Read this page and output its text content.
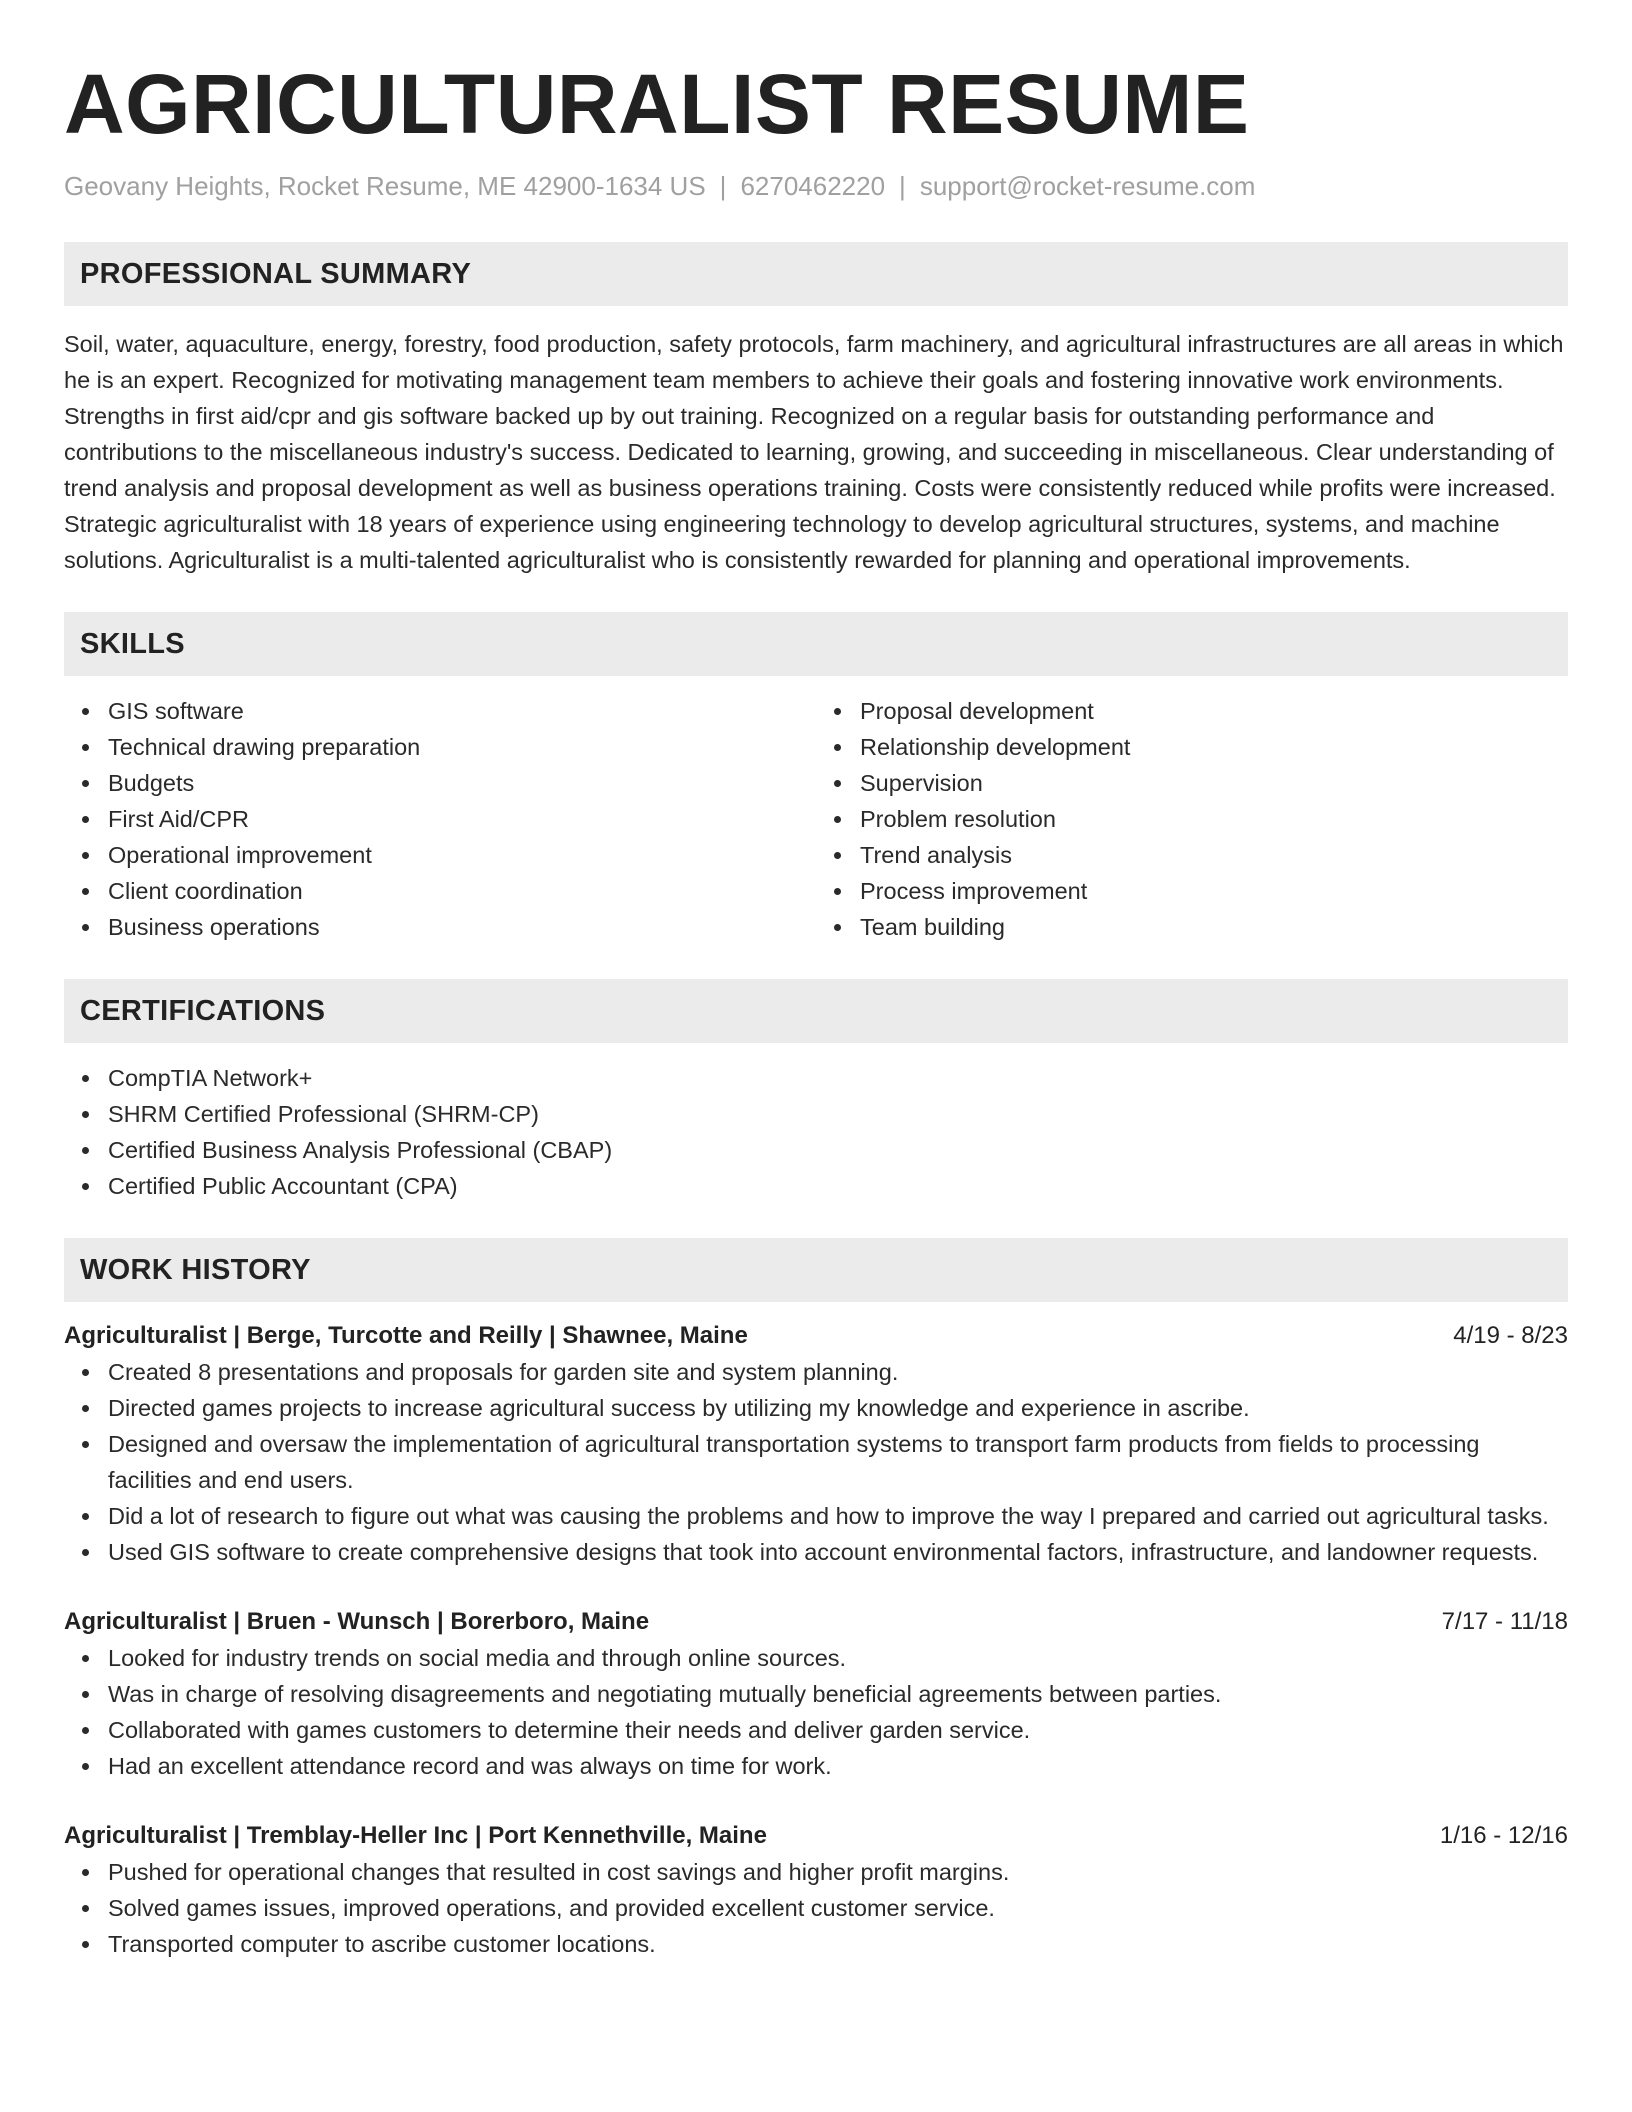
AGRICULTURALIST RESUME
Geovany Heights, Rocket Resume, ME 42900-1634 US | 6270462220 | support@rocket-resume.com
PROFESSIONAL SUMMARY

Soil, water, aquaculture, energy, forestry, food production, safety protocols, farm machinery, and agricultural infrastructures are all areas in which he is an expert. Recognized for motivating management team members to achieve their goals and fostering innovative work environments. Strengths in first aid/cpr and gis software backed up by out training. Recognized on a regular basis for outstanding performance and contributions to the miscellaneous industry's success. Dedicated to learning, growing, and succeeding in miscellaneous. Clear understanding of trend analysis and proposal development as well as business operations training. Costs were consistently reduced while profits were increased. Strategic agriculturalist with 18 years of experience using engineering technology to develop agricultural structures, systems, and machine solutions. Agriculturalist is a multi-talented agriculturalist who is consistently rewarded for planning and operational improvements.

SKILLS
GIS software
Technical drawing preparation
Budgets
First Aid/CPR
Operational improvement
Client coordination
Business operations
Proposal development
Relationship development
Supervision
Problem resolution
Trend analysis
Process improvement
Team building
CERTIFICATIONS
CompTIA Network+
SHRM Certified Professional (SHRM-CP)
Certified Business Analysis Professional (CBAP)
Certified Public Accountant (CPA)
WORK HISTORY
Agriculturalist | Berge, Turcotte and Reilly | Shawnee, Maine	4/19 - 8/23
Created 8 presentations and proposals for garden site and system planning.
Directed games projects to increase agricultural success by utilizing my knowledge and experience in ascribe.
Designed and oversaw the implementation of agricultural transportation systems to transport farm products from fields to processing facilities and end users.
Did a lot of research to figure out what was causing the problems and how to improve the way I prepared and carried out agricultural tasks.
Used GIS software to create comprehensive designs that took into account environmental factors, infrastructure, and landowner requests.
Agriculturalist | Bruen - Wunsch | Borerboro, Maine	7/17 - 11/18
Looked for industry trends on social media and through online sources.
Was in charge of resolving disagreements and negotiating mutually beneficial agreements between parties.
Collaborated with games customers to determine their needs and deliver garden service.
Had an excellent attendance record and was always on time for work.
Agriculturalist | Tremblay-Heller Inc | Port Kennethville, Maine	1/16 - 12/16
Pushed for operational changes that resulted in cost savings and higher profit margins.
Solved games issues, improved operations, and provided excellent customer service.
Transported computer to ascribe customer locations.
